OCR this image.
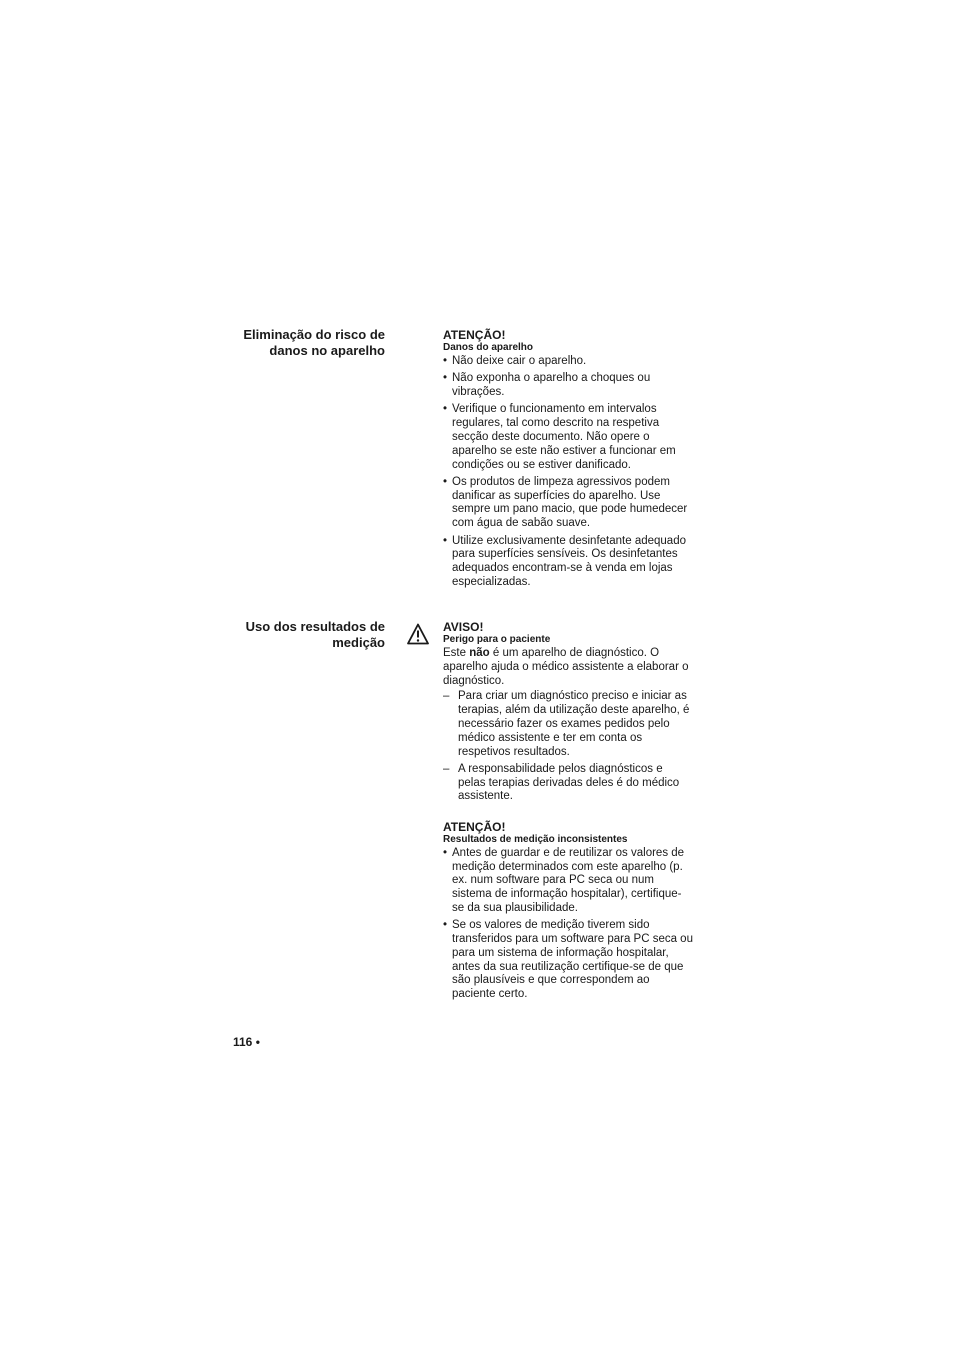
Eliminação do risco de
danos no aparelho
ATENÇÃO!
Danos do aparelho
• Não deixe cair o aparelho.
• Não exponha o aparelho a choques ou vibrações.
• Verifique o funcionamento em intervalos regulares, tal como descrito na respetiva secção deste documento. Não opere o aparelho se este não estiver a funcionar em condições ou se estiver danificado.
• Os produtos de limpeza agressivos podem danificar as superfícies do aparelho. Use sempre um pano macio, que pode humedecer com água de sabão suave.
• Utilize exclusivamente desinfetante adequado para superfícies sensíveis. Os desinfetantes adequados encontram-se à venda em lojas especializadas.
Uso dos resultados de
medição
AVISO!
Perigo para o paciente
Este não é um aparelho de diagnóstico. O aparelho ajuda o médico assistente a elaborar o diagnóstico.
– Para criar um diagnóstico preciso e iniciar as terapias, além da utilização deste aparelho, é necessário fazer os exames pedidos pelo médico assistente e ter em conta os respetivos resultados.
– A responsabilidade pelos diagnósticos e pelas terapias derivadas deles é do médico assistente.
ATENÇÃO!
Resultados de medição inconsistentes
• Antes de guardar e de reutilizar os valores de medição determinados com este aparelho (p. ex. num software para PC seca ou num sistema de informação hospitalar), certifique-se da sua plausibilidade.
• Se os valores de medição tiverem sido transferidos para um software para PC seca ou para um sistema de informação hospitalar, antes da sua reutilização certifique-se de que são plausíveis e que correspondem ao paciente certo.
116 •
